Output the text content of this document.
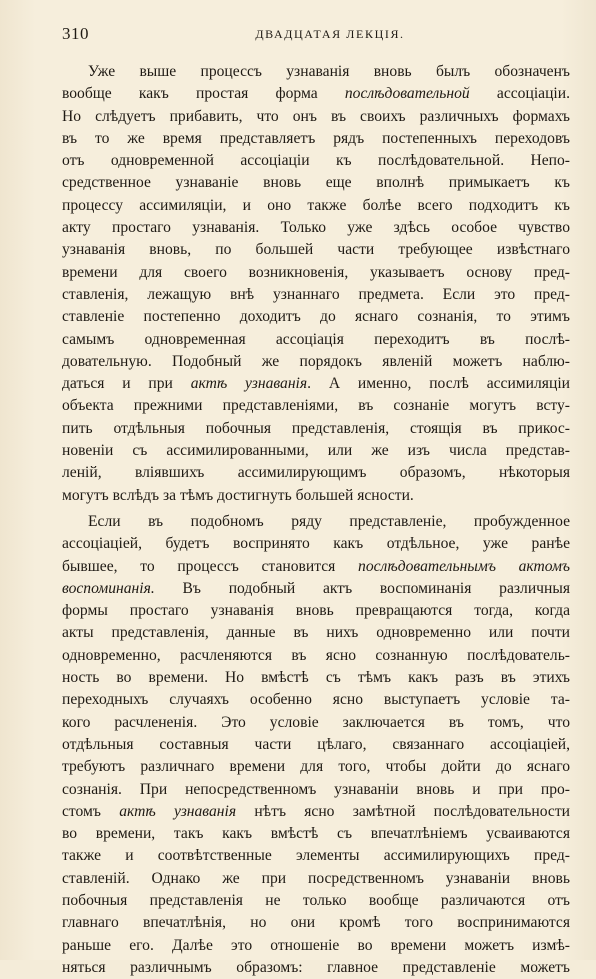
310	ДВАДЦАТАЯ ЛЕКЦІЯ.

Уже выше процессъ узнаванія вновь былъ обозначенъ
вообще какъ простая форма послѣдовательной ассоціаціи.
Но слѣдуетъ прибавить, что онъ въ своихъ различныхъ формахъ
въ то же время представляетъ рядъ постепенныхъ переходовъ
отъ одновременной ассоціаціи къ послѣдовательной. Непо-
средственное узнаваніе вновь еще вполнѣ примыкаетъ къ
процессу ассимиляціи, и оно также болѣе всего подходитъ къ
акту простаго узнаванія. Только уже здѣсь особое чувство
узнаванія вновь, по большей части требующее извѣстнаго
времени для своего возникновенія, указываетъ основу пред-
ставленія, лежащую внѣ узнаннаго предмета. Если это пред-
ставленіе постепенно доходитъ до яснаго сознанія, то этимъ
самымъ одновременная ассоціація переходитъ въ послѣ-
довательную. Подобный же порядокъ явленій можетъ наблю-
даться и при актѣ узнаванія. А именно, послѣ ассимиляціи
объекта прежними представленіями, въ сознаніе могутъ всту-
пить отдѣльныя побочныя представленія, стоящія въ прикос-
новеніи съ ассимилированными, или же изъ числа представ-
леній, вліявшихъ ассимилирующимъ образомъ, нѣкоторыя
могутъ вслѣдъ за тѣмъ достигнуть большей ясности.

Если въ подобномъ ряду представленіе, пробужденное
ассоціаціей, будетъ воспринято какъ отдѣльное, уже ранѣе
бывшее, то процессъ становится послѣдовательнымъ актомъ
воспоминанія. Въ подобный актъ воспоминанія различныя
формы простаго узнаванія вновь превращаются тогда, когда
акты представленія, данные въ нихъ одновременно или почти
одновременно, расчленяются въ ясно сознанную послѣдователь-
ность во времени. Но вмѣстѣ съ тѣмъ какъ разъ въ этихъ
переходныхъ случаяхъ особенно ясно выступаетъ условіе та-
кого расчлененія. Это условіе заключается въ томъ, что
отдѣльныя составныя части цѣлаго, связаннаго ассоціаціей,
требуютъ различнаго времени для того, чтобы дойти до яснаго
сознанія. При непосредственномъ узнаваніи вновь и при про-
стомъ актѣ узнаванія нѣтъ ясно замѣтной послѣдовательности
во времени, такъ какъ вмѣстѣ съ впечатлѣніемъ усваиваются
также и соотвѣтственные элементы ассимилирующихъ пред-
ставленій. Однако же при посредственномъ узнаваніи вновь
побочныя представленія не только вообще различаются отъ
главнаго впечатлѣнія, но они кромѣ того воспринимаются
раньше его. Далѣе это отношеніе во времени можетъ измѣ-
няться различнымъ образомъ: главное представленіе можетъ
